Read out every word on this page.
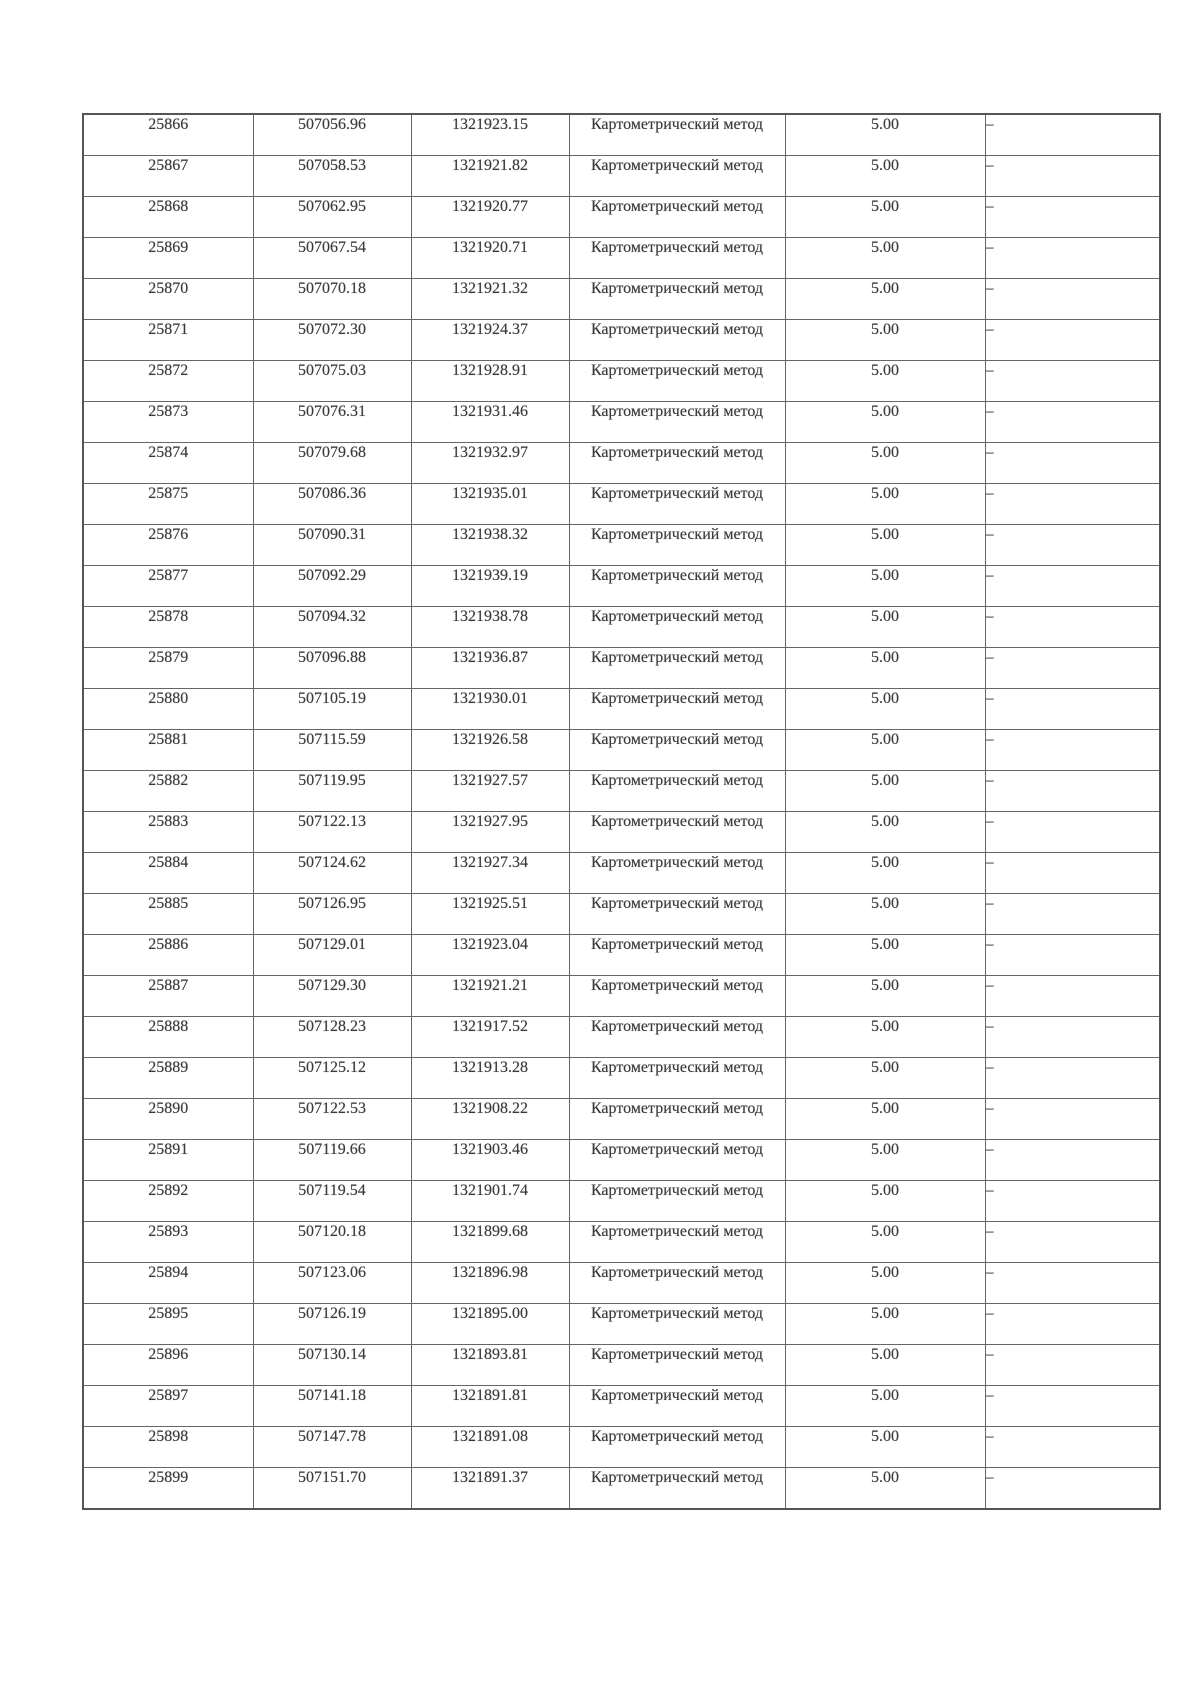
25866	507056.96	1321923.15	Картометрический метод	5.00	–
25867	507058.53	1321921.82	Картометрический метод	5.00	–
25868	507062.95	1321920.77	Картометрический метод	5.00	–
25869	507067.54	1321920.71	Картометрический метод	5.00	–
25870	507070.18	1321921.32	Картометрический метод	5.00	–
25871	507072.30	1321924.37	Картометрический метод	5.00	–
25872	507075.03	1321928.91	Картометрический метод	5.00	–
25873	507076.31	1321931.46	Картометрический метод	5.00	–
25874	507079.68	1321932.97	Картометрический метод	5.00	–
25875	507086.36	1321935.01	Картометрический метод	5.00	–
25876	507090.31	1321938.32	Картометрический метод	5.00	–
25877	507092.29	1321939.19	Картометрический метод	5.00	–
25878	507094.32	1321938.78	Картометрический метод	5.00	–
25879	507096.88	1321936.87	Картометрический метод	5.00	–
25880	507105.19	1321930.01	Картометрический метод	5.00	–
25881	507115.59	1321926.58	Картометрический метод	5.00	–
25882	507119.95	1321927.57	Картометрический метод	5.00	–
25883	507122.13	1321927.95	Картометрический метод	5.00	–
25884	507124.62	1321927.34	Картометрический метод	5.00	–
25885	507126.95	1321925.51	Картометрический метод	5.00	–
25886	507129.01	1321923.04	Картометрический метод	5.00	–
25887	507129.30	1321921.21	Картометрический метод	5.00	–
25888	507128.23	1321917.52	Картометрический метод	5.00	–
25889	507125.12	1321913.28	Картометрический метод	5.00	–
25890	507122.53	1321908.22	Картометрический метод	5.00	–
25891	507119.66	1321903.46	Картометрический метод	5.00	–
25892	507119.54	1321901.74	Картометрический метод	5.00	–
25893	507120.18	1321899.68	Картометрический метод	5.00	–
25894	507123.06	1321896.98	Картометрический метод	5.00	–
25895	507126.19	1321895.00	Картометрический метод	5.00	–
25896	507130.14	1321893.81	Картометрический метод	5.00	–
25897	507141.18	1321891.81	Картометрический метод	5.00	–
25898	507147.78	1321891.08	Картометрический метод	5.00	–
25899	507151.70	1321891.37	Картометрический метод	5.00	–
